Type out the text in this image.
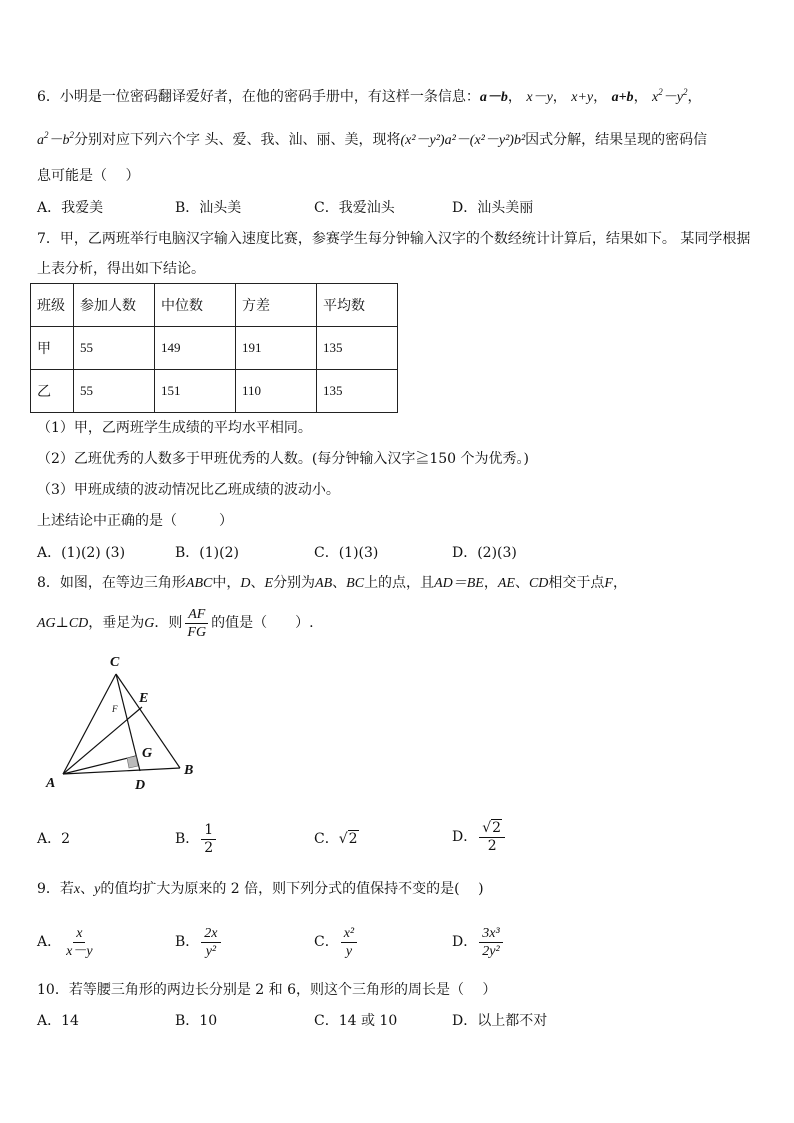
6．小明是一位密码翻译爱好者，在他的密码手册中，有这样一条信息：a－b， x－y， x+y， a+b， $x^2-y^2$，
$a^2-b^2$分别对应下列六个字 头、爱、我、汕、丽、美，现将(x²－y²)a²－(x²－y²)b²因式分解，结果呈现的密码信
息可能是（　 ）
A．我爱美	B．汕头美	C．我爱汕头	D．汕头美丽
7．甲，乙两班举行电脑汉字输入速度比赛，参赛学生每分钟输入汉字的个数经统计计算后，结果如下。 某同学根据
上表分析，得出如下结论。
班级	参加人数	中位数	方差	平均数
甲	55	149	191	135
乙	55	151	110	135
（1）甲，乙两班学生成绩的平均水平相同。
（2）乙班优秀的人数多于甲班优秀的人数。(每分钟输入汉字≧150 个为优秀。)
（3）甲班成绩的波动情况比乙班成绩的波动小。
上述结论中正确的是（　　　）
A．(1)(2) (3)	B．(1)(2)	C．(1)(3)	D．(2)(3)
8．如图，在等边三角形ABC中，D、E分别为AB、BC上的点，且AD＝BE，AE、CD相交于点F，
AG⊥CD，垂足为G．则 $\frac{AF}{FG}$ 的值是（　　）.
C
E
G
A	D
B
F
A．2	B． $\frac{1}{2}$	C．√2	D． $\frac{√2}{2}$
9．若x、y的值均扩大为原来的 2 倍，则下列分式的值保持不变的是(　 )
A． $\frac{x}{x-y}$	B． $\frac{2x}{\text{y²}}$	C． $\frac{\text{x²}}{y}$	D． $\frac{\text{3x³}}{\text{2y²}}$
10．若等腰三角形的两边长分别是 2 和 6，则这个三角形的周长是（　 ）
A．14	B．10	C．14 或 10	D．以上都不对
